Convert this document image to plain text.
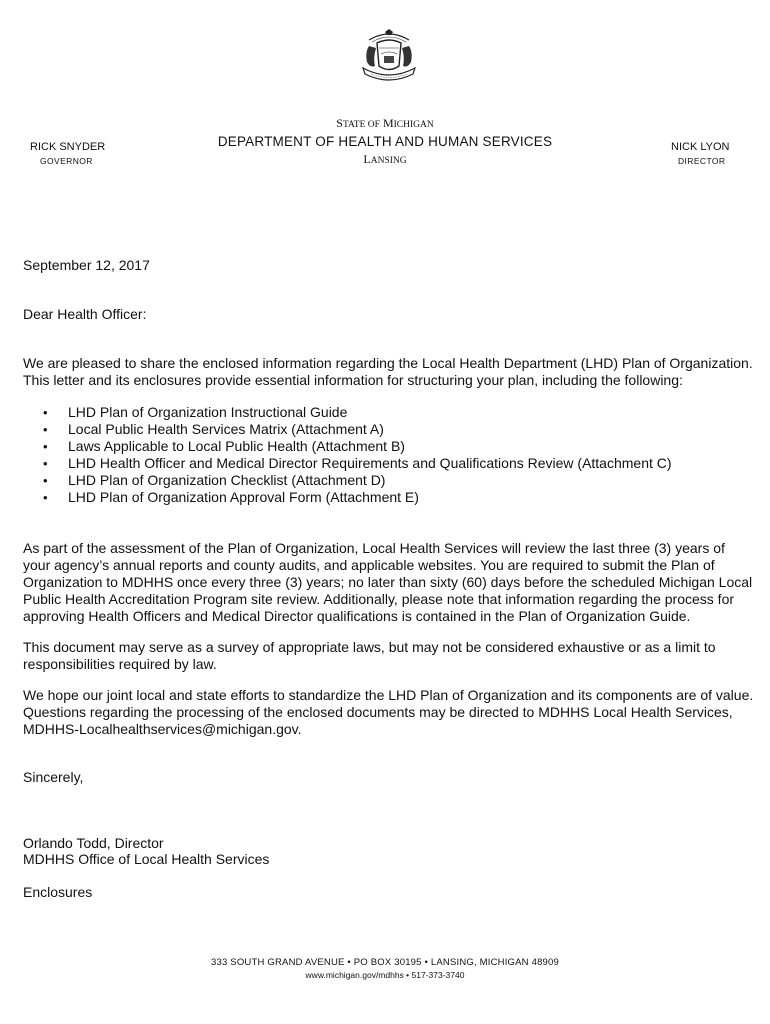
STATE OF MICHIGAN
DEPARTMENT OF HEALTH AND HUMAN SERVICES
LANSING
RICK SNYDER
GOVERNOR
NICK LYON
DIRECTOR
September 12, 2017
Dear Health Officer:
We are pleased to share the enclosed information regarding the Local Health Department (LHD) Plan of Organization. This letter and its enclosures provide essential information for structuring your plan, including the following:
• LHD Plan of Organization Instructional Guide
• Local Public Health Services Matrix (Attachment A)
• Laws Applicable to Local Public Health (Attachment B)
• LHD Health Officer and Medical Director Requirements and Qualifications Review (Attachment C)
• LHD Plan of Organization Checklist (Attachment D)
• LHD Plan of Organization Approval Form (Attachment E)
As part of the assessment of the Plan of Organization, Local Health Services will review the last three (3) years of your agency’s annual reports and county audits, and applicable websites. You are required to submit the Plan of Organization to MDHHS once every three (3) years; no later than sixty (60) days before the scheduled Michigan Local Public Health Accreditation Program site review. Additionally, please note that information regarding the process for approving Health Officers and Medical Director qualifications is contained in the Plan of Organization Guide.
This document may serve as a survey of appropriate laws, but may not be considered exhaustive or as a limit to responsibilities required by law.
We hope our joint local and state efforts to standardize the LHD Plan of Organization and its components are of value. Questions regarding the processing of the enclosed documents may be directed to MDHHS Local Health Services, MDHHS-Localhealthservices@michigan.gov.
Sincerely,
Orlando Todd, Director
MDHHS Office of Local Health Services
Enclosures
333 SOUTH GRAND AVENUE • PO BOX 30195 • LANSING, MICHIGAN 48909
www.michigan.gov/mdhhs • 517-373-3740
